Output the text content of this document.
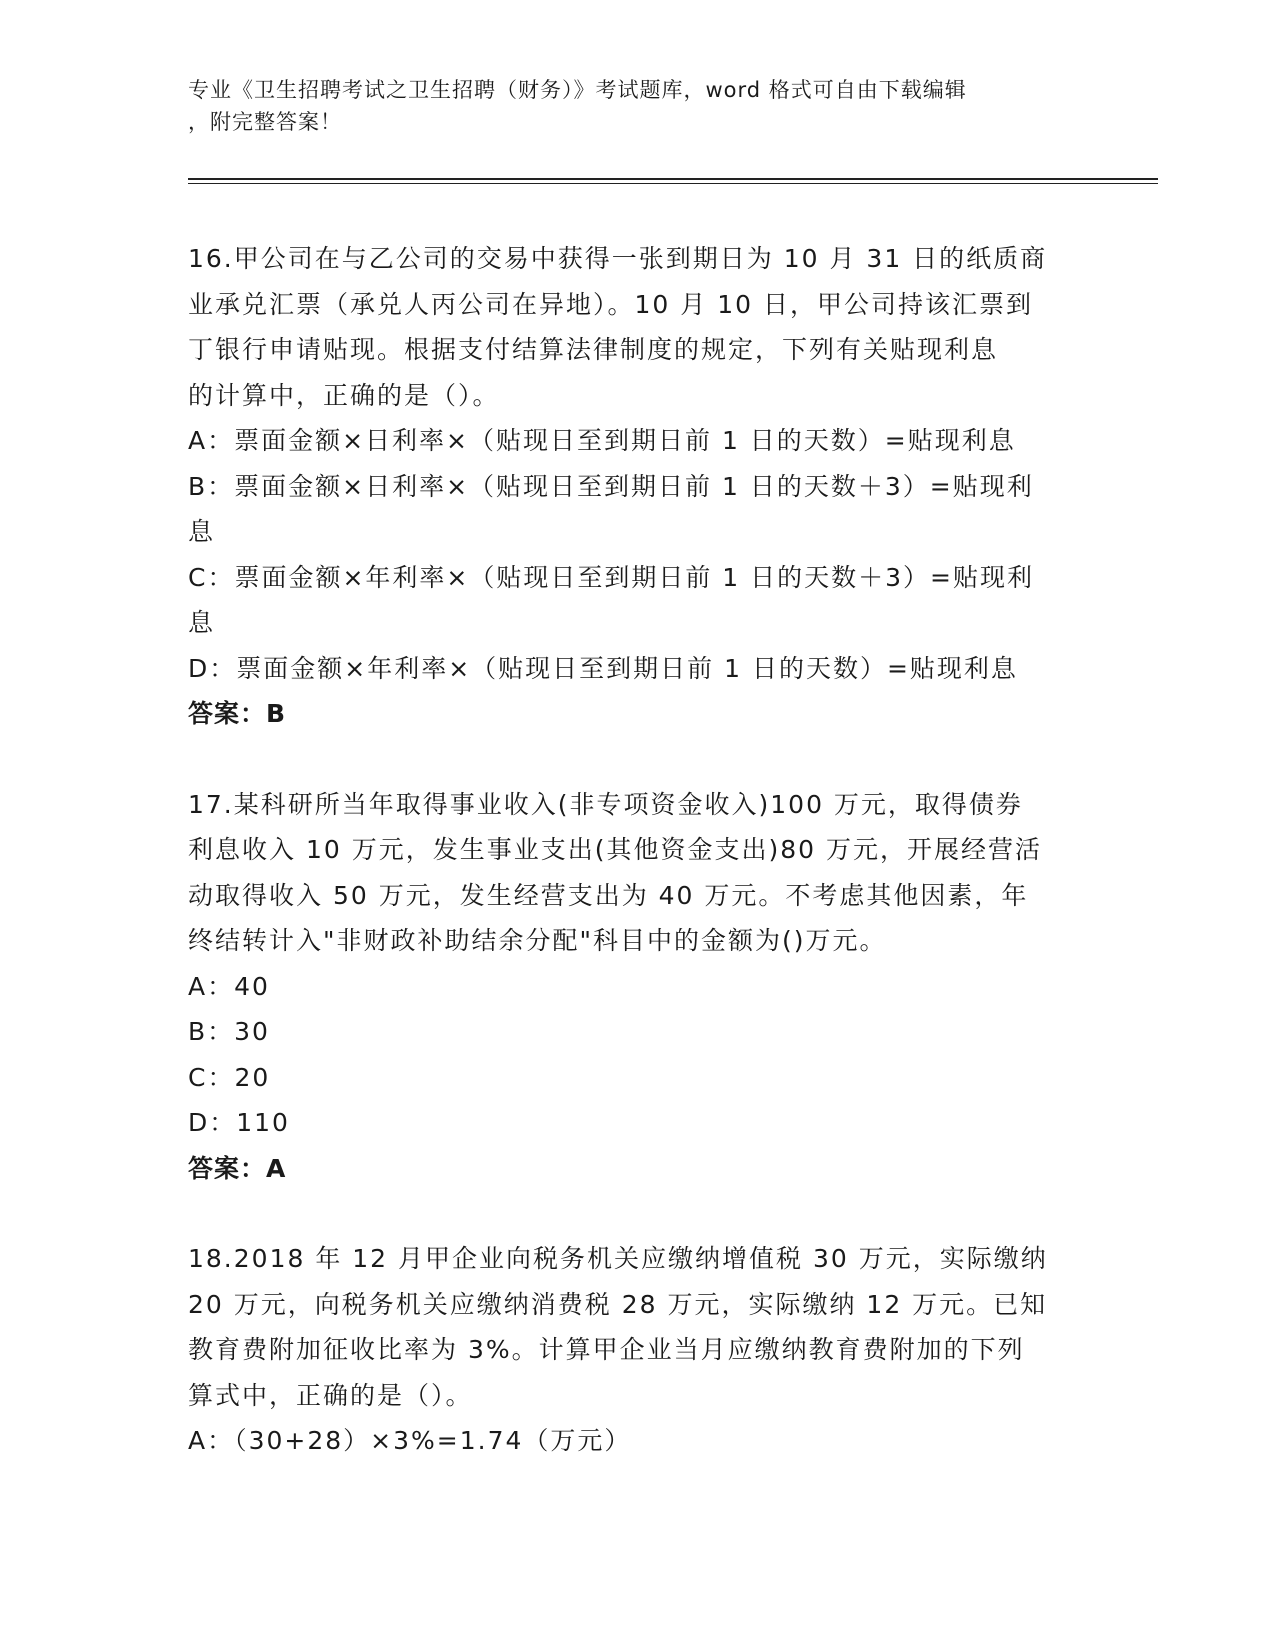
专业《卫生招聘考试之卫生招聘（财务）》考试题库，word 格式可自由下载编辑
，附完整答案！
16.甲公司在与乙公司的交易中获得一张到期日为 10 月 31 日的纸质商
业承兑汇票（承兑人丙公司在异地）。10 月 10 日，甲公司持该汇票到
丁银行申请贴现。根据支付结算法律制度的规定，下列有关贴现利息
的计算中，正确的是（）。
A：票面金额×日利率×（贴现日至到期日前 1 日的天数）=贴现利息
B：票面金额×日利率×（贴现日至到期日前 1 日的天数＋3）=贴现利
息
C：票面金额×年利率×（贴现日至到期日前 1 日的天数＋3）=贴现利
息
D：票面金额×年利率×（贴现日至到期日前 1 日的天数）=贴现利息
答案：B
17.某科研所当年取得事业收入(非专项资金收入)100 万元，取得债券
利息收入 10 万元，发生事业支出(其他资金支出)80 万元，开展经营活
动取得收入 50 万元，发生经营支出为 40 万元。不考虑其他因素，年
终结转计入"非财政补助结余分配"科目中的金额为()万元。
A：40
B：30
C：20
D：110
答案：A
18.2018 年 12 月甲企业向税务机关应缴纳增值税 30 万元，实际缴纳
20 万元，向税务机关应缴纳消费税 28 万元，实际缴纳 12 万元。已知
教育费附加征收比率为 3%。计算甲企业当月应缴纳教育费附加的下列
算式中，正确的是（）。
A：（30+28）×3%=1.74（万元）
